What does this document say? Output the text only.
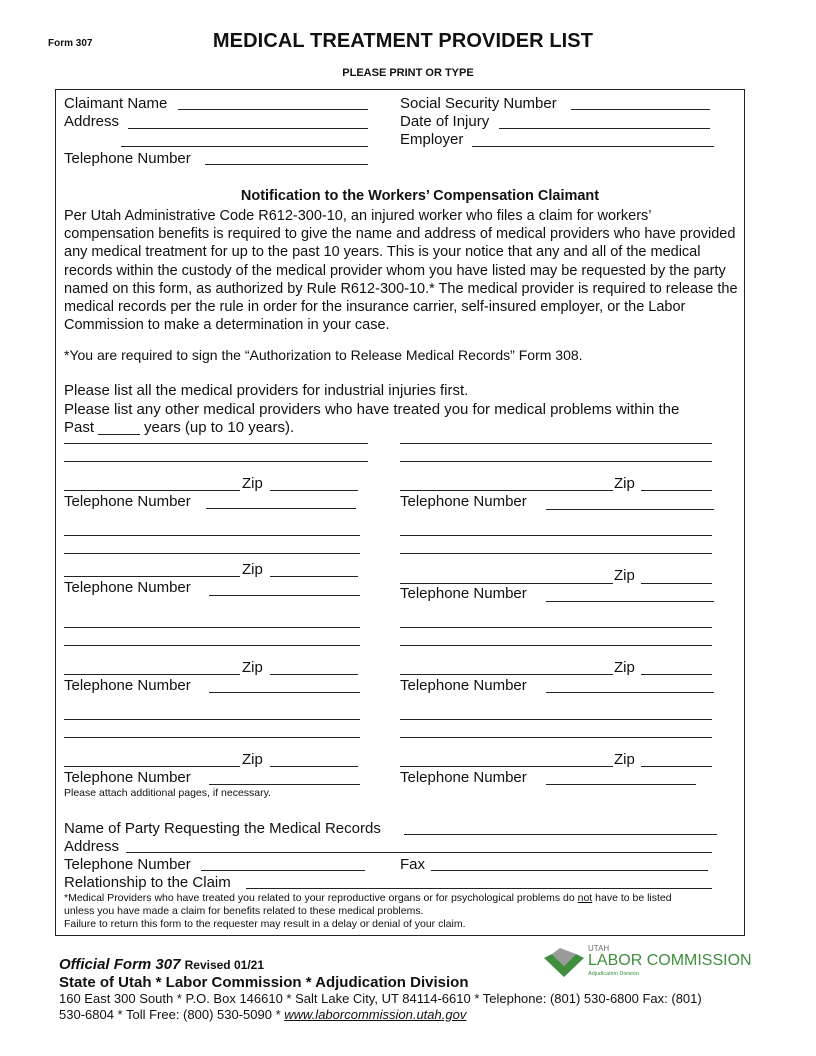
Form 307	MEDICAL TREATMENT PROVIDER LIST
PLEASE PRINT OR TYPE
Claimant Name
Address
Telephone Number
Social Security Number
Date of Injury
Employer
Notification to the Workers’ Compensation Claimant
Per Utah Administrative Code R612-300-10, an injured worker who files a claim for workers’ compensation benefits is required to give the name and address of medical providers who have provided any medical treatment for up to the past 10 years. This is your notice that any and all of the medical records within the custody of the medical provider whom you have listed may be requested by the party named on this form, as authorized by Rule R612-300-10.* The medical provider is required to release the medical records per the rule in order for the insurance carrier, self-insured employer, or the Labor Commission to make a determination in your case.
*You are required to sign the “Authorization to Release Medical Records” Form 308.
Please list all the medical providers for industrial injuries first.
Please list any other medical providers who have treated you for medical problems within the
Past _____ years (up to 10 years).
Zip
Telephone Number
Zip
Telephone Number
Zip
Telephone Number
Zip
Telephone Number
Please attach additional pages, if necessary.
Zip
Telephone Number
Zip
Telephone Number
Zip
Telephone Number
Zip
Telephone Number
Name of Party Requesting the Medical Records
Address
Telephone Number	Fax
Relationship to the Claim
*Medical Providers who have treated you related to your reproductive organs or for psychological problems do not have to be listed
unless you have made a claim for benefits related to these medical problems.
Failure to return this form to the requester may result in a delay or denial of your claim.
Official Form 307 Revised 01/21
State of Utah * Labor Commission * Adjudication Division
160 East 300 South * P.O. Box 146610 * Salt Lake City, UT 84114-6610 * Telephone: (801) 530-6800 Fax: (801)
530-6804 * Toll Free: (800) 530-5090 * www.laborcommission.utah.gov
UTAH
LABOR COMMISSION
Adjudication Division
